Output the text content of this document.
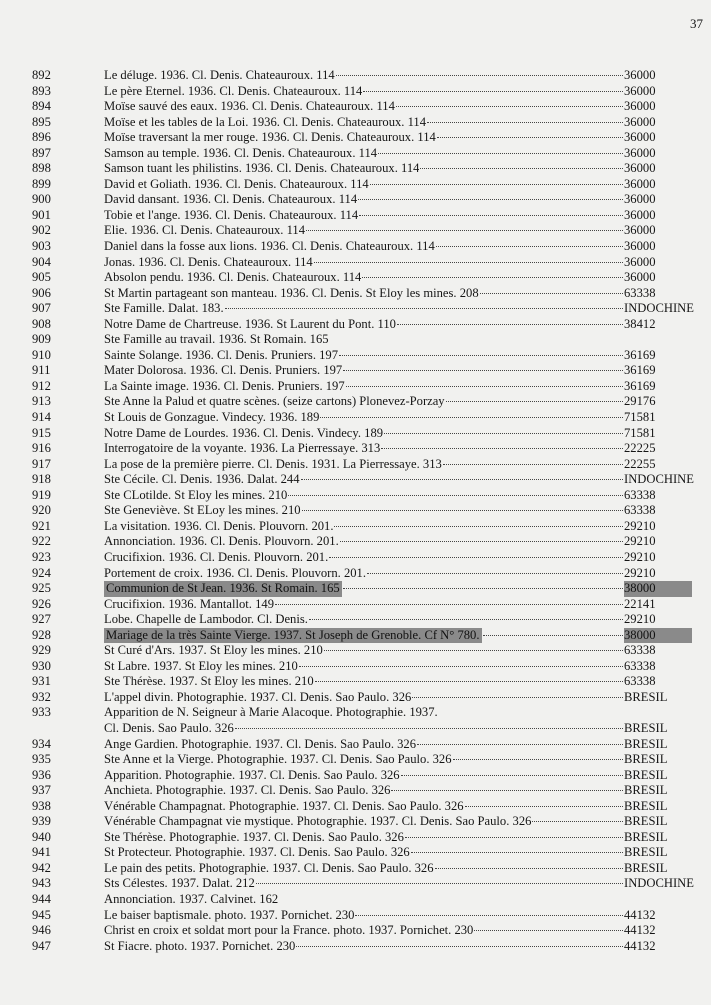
37
892	Le déluge. 1936. Cl. Denis. Chateauroux. 114	36000
893	Le père Eternel. 1936. Cl. Denis. Chateauroux. 114	36000
894	Moïse sauvé des eaux. 1936. Cl. Denis. Chateauroux. 114	36000
895	Moïse et les tables de la Loi. 1936. Cl. Denis. Chateauroux. 114	36000
896	Moïse traversant la mer rouge. 1936. Cl. Denis. Chateauroux. 114	36000
897	Samson au temple. 1936. Cl. Denis. Chateauroux. 114	36000
898	Samson tuant les philistins. 1936. Cl. Denis. Chateauroux. 114	36000
899	David et Goliath. 1936. Cl. Denis. Chateauroux. 114	36000
900	David dansant. 1936. Cl. Denis. Chateauroux. 114	36000
901	Tobie et l'ange. 1936. Cl. Denis. Chateauroux. 114	36000
902	Elie. 1936. Cl. Denis. Chateauroux. 114	36000
903	Daniel dans la fosse aux lions. 1936. Cl. Denis. Chateauroux. 114	36000
904	Jonas. 1936. Cl. Denis. Chateauroux. 114	36000
905	Absolon pendu. 1936. Cl. Denis. Chateauroux. 114	36000
906	St Martin partageant son manteau. 1936. Cl. Denis. St Eloy les mines. 208	63338
907	Ste Famille. Dalat. 183.	INDOCHINE
908	Notre Dame de Chartreuse. 1936. St Laurent du Pont. 110	38412
909	Ste Famille au travail. 1936. St Romain. 165
910	Sainte Solange. 1936. Cl. Denis. Pruniers. 197	36169
911	Mater Dolorosa. 1936. Cl. Denis. Pruniers. 197	36169
912	La Sainte image. 1936. Cl. Denis. Pruniers. 197	36169
913	Ste Anne la Palud et quatre scènes. (seize cartons) Plonevez-Porzay	29176
914	St Louis de Gonzague. Vindecy. 1936. 189	71581
915	Notre Dame de Lourdes. 1936. Cl. Denis. Vindecy. 189	71581
916	Interrogatoire de la voyante. 1936. La Pierressaye. 313	22225
917	La pose de la première pierre. Cl. Denis. 1931. La Pierressaye. 313	22255
918	Ste Cécile. Cl. Denis. 1936. Dalat. 244	INDOCHINE
919	Ste CLotilde. St Eloy les mines. 210	63338
920	Ste Geneviève. St ELoy les mines. 210	63338
921	La visitation. 1936. Cl. Denis. Plouvorn. 201.	29210
922	Annonciation. 1936. Cl. Denis. Plouvorn. 201.	29210
923	Crucifixion. 1936. Cl. Denis. Plouvorn. 201.	29210
924	Portement de croix. 1936. Cl. Denis. Plouvorn. 201.	29210
925	Communion de St Jean. 1936. St Romain. 165	38000
926	Crucifixion. 1936. Mantallot. 149	22141
927	Lobe. Chapelle de Lambodor. Cl. Denis.	29210
928	Mariage de la très Sainte Vierge. 1937. St Joseph de Grenoble. Cf N° 780.	38000
929	St Curé d'Ars. 1937. St Eloy les mines. 210	63338
930	St Labre. 1937. St Eloy les mines. 210	63338
931	Ste Thérèse. 1937. St Eloy les mines. 210	63338
932	L'appel divin. Photographie. 1937. Cl. Denis. Sao Paulo. 326	BRESIL
933	Apparition de N. Seigneur à Marie Alacoque. Photographie. 1937.
Cl. Denis. Sao Paulo. 326	BRESIL
934	Ange Gardien. Photographie. 1937. Cl. Denis. Sao Paulo. 326	BRESIL
935	Ste Anne et la Vierge. Photographie. 1937. Cl. Denis. Sao Paulo. 326	BRESIL
936	Apparition. Photographie. 1937. Cl. Denis. Sao Paulo. 326	BRESIL
937	Anchieta. Photographie. 1937. Cl. Denis. Sao Paulo. 326	BRESIL
938	Vénérable Champagnat. Photographie. 1937. Cl. Denis. Sao Paulo. 326	BRESIL
939	Vénérable Champagnat vie mystique. Photographie. 1937. Cl. Denis. Sao Paulo. 326	BRESIL
940	Ste Thérèse. Photographie. 1937. Cl. Denis. Sao Paulo. 326	BRESIL
941	St Protecteur. Photographie. 1937. Cl. Denis. Sao Paulo. 326	BRESIL
942	Le pain des petits. Photographie. 1937. Cl. Denis. Sao Paulo. 326	BRESIL
943	Sts Célestes. 1937. Dalat. 212	INDOCHINE
944	Annonciation. 1937. Calvinet. 162
945	Le baiser baptismale. photo. 1937. Pornichet. 230	44132
946	Christ en croix et soldat mort pour la France. photo. 1937. Pornichet. 230	44132
947	St Fiacre. photo. 1937. Pornichet. 230	44132
